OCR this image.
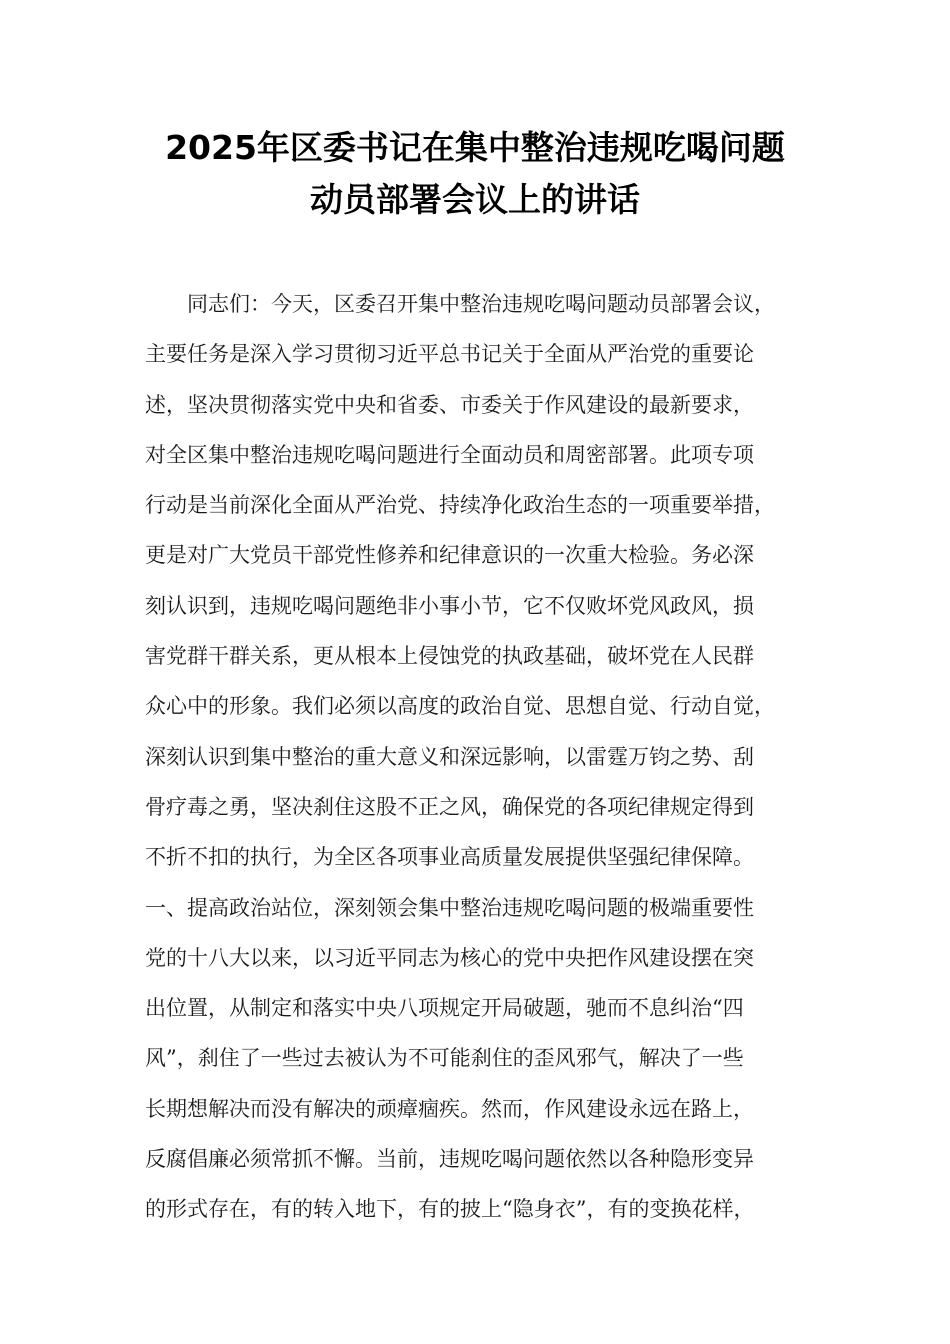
2025年区委书记在集中整治违规吃喝问题
动员部署会议上的讲话
同志们：今天，区委召开集中整治违规吃喝问题动员部署会议，
主要任务是深入学习贯彻习近平总书记关于全面从严治党的重要论
述，坚决贯彻落实党中央和省委、市委关于作风建设的最新要求，
对全区集中整治违规吃喝问题进行全面动员和周密部署。此项专项
行动是当前深化全面从严治党、持续净化政治生态的一项重要举措，
更是对广大党员干部党性修养和纪律意识的一次重大检验。务必深
刻认识到，违规吃喝问题绝非小事小节，它不仅败坏党风政风，损
害党群干群关系，更从根本上侵蚀党的执政基础，破坏党在人民群
众心中的形象。我们必须以高度的政治自觉、思想自觉、行动自觉，
深刻认识到集中整治的重大意义和深远影响，以雷霆万钧之势、刮
骨疗毒之勇，坚决刹住这股不正之风，确保党的各项纪律规定得到
不折不扣的执行，为全区各项事业高质量发展提供坚强纪律保障。
一、提高政治站位，深刻领会集中整治违规吃喝问题的极端重要性
党的十八大以来，以习近平同志为核心的党中央把作风建设摆在突
出位置，从制定和落实中央八项规定开局破题，驰而不息纠治“四
风”，刹住了一些过去被认为不可能刹住的歪风邪气，解决了一些
长期想解决而没有解决的顽瘴痼疾。然而，作风建设永远在路上，
反腐倡廉必须常抓不懈。当前，违规吃喝问题依然以各种隐形变异
的形式存在，有的转入地下，有的披上“隐身衣”，有的变换花样，
